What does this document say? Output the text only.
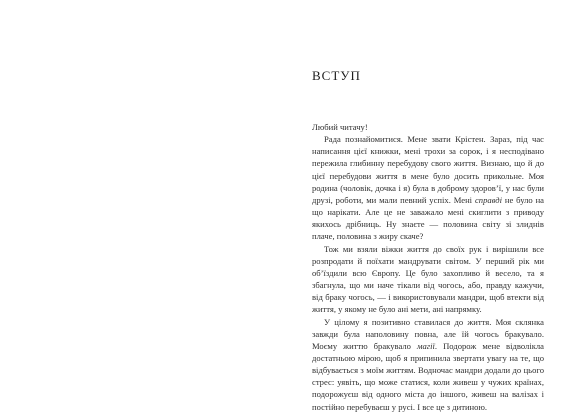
ВСТУП

Любий читачу!

Рада познайомитися. Мене звати Крістен. Зараз, під час написання цієї книжки, мені трохи за сорок, і я несподівано пережила глибинну перебудову свого життя. Визнаю, що й до цієї перебудови життя в мене було досить прикольне. Моя родина (чоловік, дочка і я) була в доброму здоров’ї, у нас були друзі, роботи, ми мали певний успіх. Мені справді не було на що нарікати. Але це не заважало мені скиглити з приводу якихось дрібниць. Ну знаєте — половина світу зі злиднів плаче, половина з жиру скаче?

Тож ми взяли віжки життя до своїх рук і вирішили все розпродати й поїхати мандрувати світом. У перший рік ми об’їздили всю Європу. Це було захопливо й весело, та я збагнула, що ми наче тікали від чогось, або, правду кажучи, від браку чогось, — і використовували мандри, щоб втекти від життя, у якому не було ані мети, ані напрямку.

У цілому я позитивно ставилася до життя. Моя склянка завжди була наполовину повна, але їй чогось бракувало. Моєму життю бракувало магії. Подорож мене відволікла достатньою мірою, щоб я припинила звертати увагу на те, що відбувається з моїм життям. Водночас мандри додали до цього стрес: уявіть, що може статися, коли живеш у чужих країнах, подорожуєш від одного міста до іншого, живеш на валізах і постійно перебуваєш у русі. І все це з дитиною.
